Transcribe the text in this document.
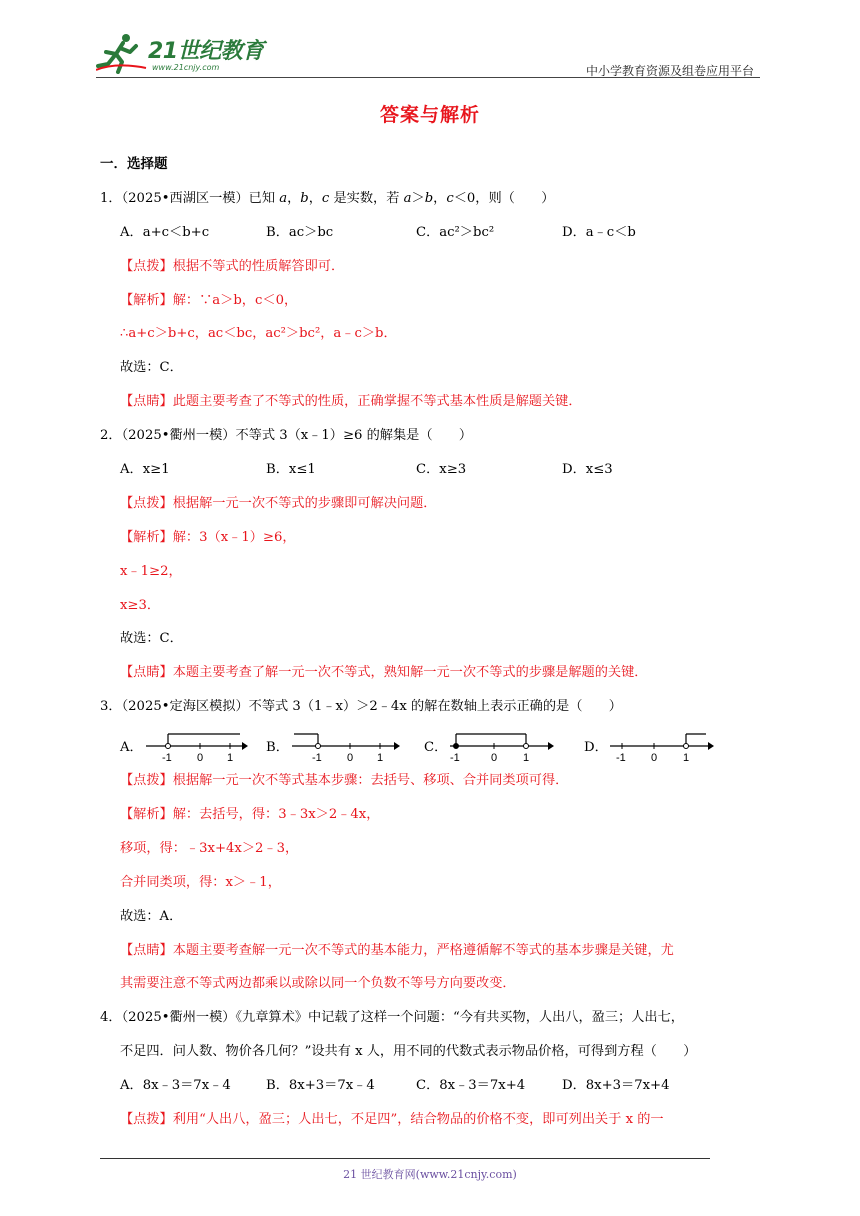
21世纪教育
www.21cnjy.com	中小学教育资源及组卷应用平台
答案与解析
一．选择题
1．（2025•西湖区一模）已知 a，b，c 是实数，若 a＞b，c＜0，则（　　）
A．a+c＜b+c	B．ac＞bc	C．ac²＞bc²	D．a﹣c＜b
【点拨】根据不等式的性质解答即可．
【解析】解：∵a＞b，c＜0，
∴a+c＞b+c，ac＜bc，ac²＞bc²，a﹣c＞b．
故选：C．
【点睛】此题主要考查了不等式的性质，正确掌握不等式基本性质是解题关键．
2．（2025•衢州一模）不等式 3（x﹣1）≥6 的解集是（　　）
A．x≥1	B．x≤1	C．x≥3	D．x≤3
【点拨】根据解一元一次不等式的步骤即可解决问题．
【解析】解：3（x﹣1）≥6，
x﹣1≥2，
x≥3．
故选：C．
【点睛】本题主要考查了解一元一次不等式，熟知解一元一次不等式的步骤是解题的关键．
3．（2025•定海区模拟）不等式 3（1﹣x）＞2﹣4x 的解在数轴上表示正确的是（　　）
A．
-1 0 1
B．
-1 0 1
C．
-1	0 1
D．
-1 0 1
【点拨】根据解一元一次不等式基本步骤：去括号、移项、合并同类项可得．
【解析】解：去括号，得：3﹣3x＞2﹣4x，
移项，得：﹣3x+4x＞2﹣3，
合并同类项，得：x＞﹣1，
故选：A．
【点睛】本题主要考查解一元一次不等式的基本能力，严格遵循解不等式的基本步骤是关键，尤
其需要注意不等式两边都乘以或除以同一个负数不等号方向要改变．
4．（2025•衢州一模）《九章算术》中记载了这样一个问题：“今有共买物，人出八，盈三；人出七，
不足四．问人数、物价各几何？”设共有 x 人，用不同的代数式表示物品价格，可得到方程（　　）
A．8x﹣3＝7x﹣4	B．8x+3＝7x﹣4	C．8x﹣3＝7x+4	D．8x+3＝7x+4
【点拨】利用“人出八，盈三；人出七，不足四”，结合物品的价格不变，即可列出关于 x 的一
21 世纪教育网(www.21cnjy.com)
